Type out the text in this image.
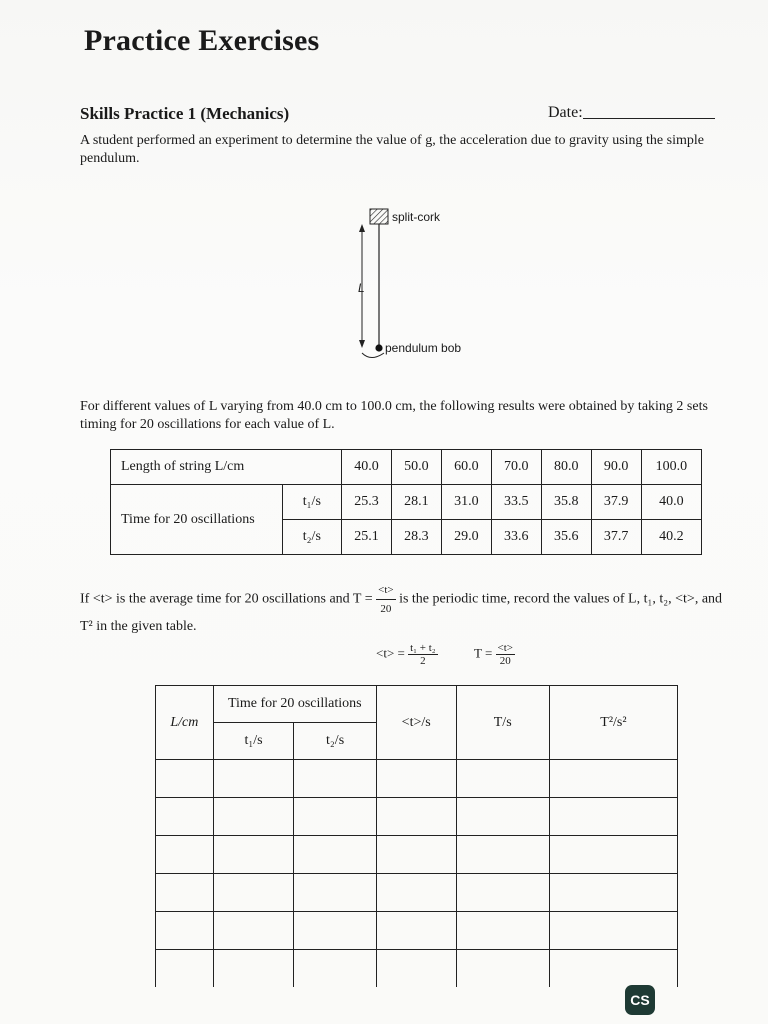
Practice Exercises
Skills Practice 1 (Mechanics)	Date:
A student performed an experiment to determine the value of g, the acceleration due to gravity using the simple pendulum.
split-cork
L
pendulum bob
For different values of L varying from 40.0 cm to 100.0 cm, the following results were obtained by taking 2 sets timing for 20 oscillations for each value of L.
Length of string L/cm		40.0	50.0	60.0	70.0	80.0	90.0	100.0
Time for 20 oscillations	t₁/s	25.3	28.1	31.0	33.5	35.8	37.9	40.0
	t₂/s	25.1	28.3	29.0	33.6	35.6	37.7	40.2
If <t> is the average time for 20 oscillations and $T = \frac{<t>}{20}$ is the periodic time, record the values of L, t₁, t₂, <t>, and T² in the given table.
$<t> = \frac{\text{t₁ + t₂}}{2}$	$T = \frac{<t>}{20}$
L/cm	Time for 20 oscillations		<t>/s	T/s	T²/s²
	t₁/s	t₂/s			

CS
